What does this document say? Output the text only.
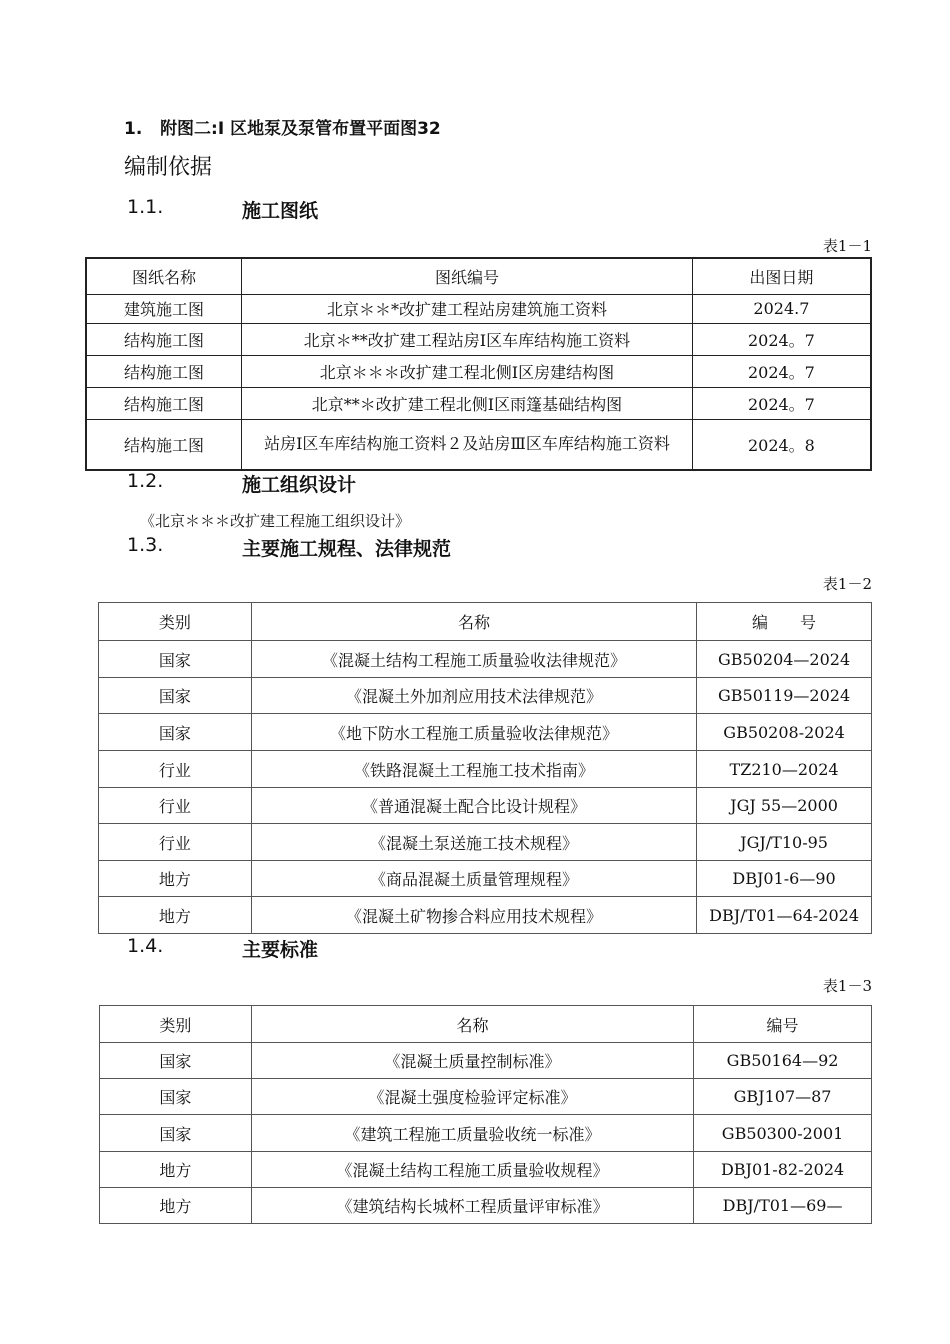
1. 附图二:Ⅰ 区地泵及泵管布置平面图32
编制依据
1.1.	施工图纸
表1－1
图纸名称	图纸编号	出图日期
建筑施工图	北京＊＊*改扩建工程站房建筑施工资料	2024.7
结构施工图	北京＊**改扩建工程站房Ⅰ区车库结构施工资料	2024。7
结构施工图	北京＊＊＊改扩建工程北侧Ⅰ区房建结构图	2024。7
结构施工图	北京**＊改扩建工程北侧Ⅰ区雨篷基础结构图	2024。7
结构施工图	站房Ⅰ区车库结构施工资料２及站房Ⅲ区车库结构施工资料	2024。8
1.2.	施工组织设计
《北京＊＊＊改扩建工程施工组织设计》
1.3.	主要施工规程、法律规范
表1－2
类别	名称	编　　号
国家	《混凝土结构工程施工质量验收法律规范》	GB50204—2024
国家	《混凝土外加剂应用技术法律规范》	GB50119—2024
国家	《地下防水工程施工质量验收法律规范》	GB50208-2024
行业	《铁路混凝土工程施工技术指南》	TZ210—2024
行业	《普通混凝土配合比设计规程》	JGJ 55—2000
行业	《混凝土泵送施工技术规程》	JGJ/T10-95
地方	《商品混凝土质量管理规程》	DBJ01-6—90
地方	《混凝土矿物掺合料应用技术规程》	DBJ/T01—64-2024
1.4.	主要标准
表1－3
类别	名称	编号
国家	《混凝土质量控制标准》	GB50164—92
国家	《混凝土强度检验评定标准》	GBJ107—87
国家	《建筑工程施工质量验收统一标准》	GB50300-2001
地方	《混凝土结构工程施工质量验收规程》	DBJ01-82-2024
地方	《建筑结构长城杯工程质量评审标准》	DBJ/T01—69—
